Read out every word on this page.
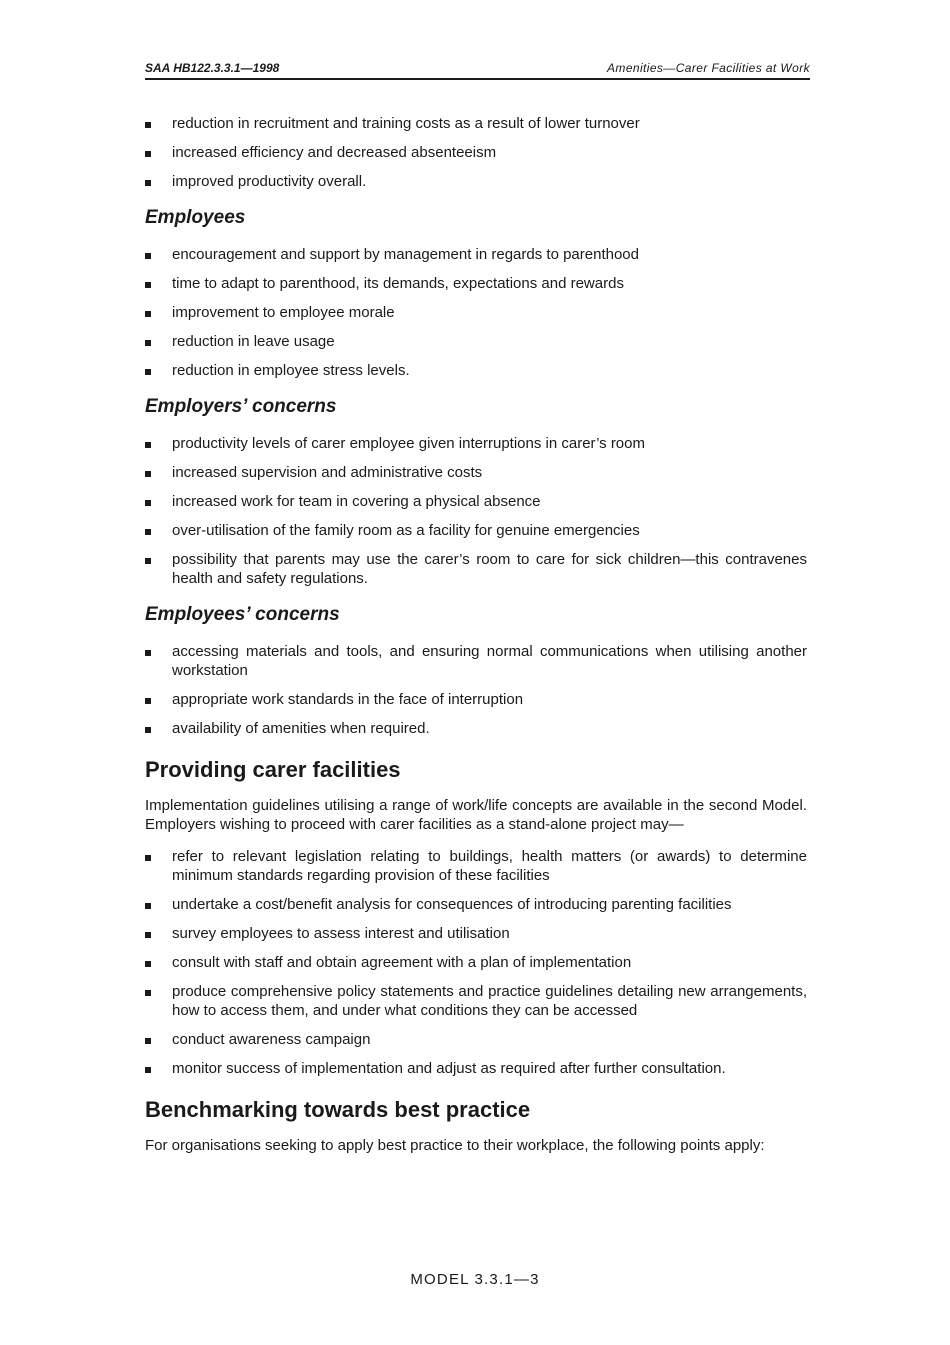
SAA HB122.3.3.1—1998	Amenities—Carer Facilities at Work
reduction in recruitment and training costs as a result of lower turnover
increased efficiency and decreased absenteeism
improved productivity overall.
Employees
encouragement and support by management in regards to parenthood
time to adapt to parenthood, its demands, expectations and rewards
improvement to employee morale
reduction in leave usage
reduction in employee stress levels.
Employers’ concerns
productivity levels of carer employee given interruptions in carer’s room
increased supervision and administrative costs
increased work for team in covering a physical absence
over-utilisation of the family room as a facility for genuine emergencies
possibility that parents may use the carer’s room to care for sick children—this contravenes health and safety regulations.
Employees’ concerns
accessing materials and tools, and ensuring normal communications when utilising another workstation
appropriate work standards in the face of interruption
availability of amenities when required.
Providing carer facilities

Implementation guidelines utilising a range of work/life concepts are available in the second Model. Employers wishing to proceed with carer facilities as a stand-alone project may—

refer to relevant legislation relating to buildings, health matters (or awards) to determine minimum standards regarding provision of these facilities
undertake a cost/benefit analysis for consequences of introducing parenting facilities
survey employees to assess interest and utilisation
consult with staff and obtain agreement with a plan of implementation
produce comprehensive policy statements and practice guidelines detailing new arrangements, how to access them, and under what conditions they can be accessed
conduct awareness campaign
monitor success of implementation and adjust as required after further consultation.
Benchmarking towards best practice

For organisations seeking to apply best practice to their workplace, the following points apply:

MODEL 3.3.1—3
